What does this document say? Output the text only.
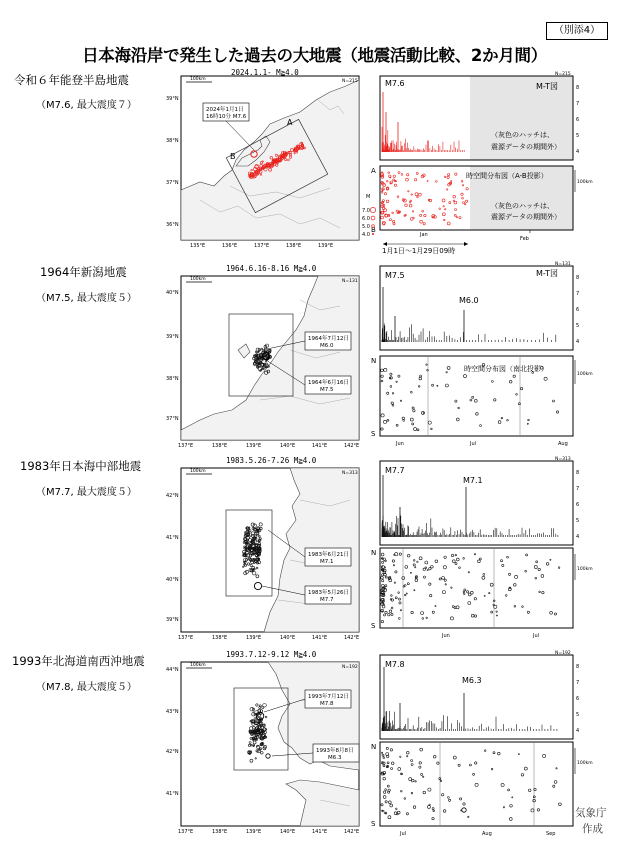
（別添4）
日本海沿岸で発生した過去の大地震（地震活動比較、2か月間）
令和６年能登半島地震
（M7.6, 最大震度７）
1964年新潟地震
（M7.5, 最大震度５）
1983年日本海中部地震
（M7.7, 最大震度５）
1993年北海道南西沖地震
（M7.8, 最大震度５）
気象庁
作成
2024年1月1日
16時10分 M7.6
A
B
2024.1.1- M≧4.0
N=215
100km
39°N
38°N
37°N
36°N
135°E	136°E	137°E	138°E	139°E
M7.6	M-T図
（灰色のハッチは、
震源データの期間外）
N=215
8
7
6
5
4
A
B
時空間分布図（A-B投影）
（灰色のハッチは、
震源データの期間外）
100km
Jan
Feb
M
7.0
6.0
5.0
4.0
1月1日～1月29日09時
1964年7月12日
M6.0
1964年6月16日
M7.5
1964.6.16-8.16 M≧4.0
N=131
100km
40°N
39°N
38°N
37°N
137°E	138°E	139°E	140°E	141°E	142°E
M7.5	M-T図
M6.0
N=131
8
7
6
5
4
N
S
時空間分布図（南北投影）
100km
Jun	Jul	Aug
1983年6月21日
M7.1
1983年5月26日
M7.7
1983.5.26-7.26 M≧4.0
N=313
100km
42°N
41°N
40°N
39°N
137°E	138°E	139°E	140°E	141°E	142°E
M7.7
M7.1
N=313
8
7
6
5
4
N
S
100km
Jun	Jul
1993年7月12日
M7.8
1993年8月8日
M6.3
1993.7.12-9.12 M≧4.0
N=192
100km
44°N
43°N
42°N
41°N
137°E	138°E	139°E	140°E	141°E	142°E
M7.8
M6.3
N=192
8
7
6
5
4
N
S
100km
Jul	Aug	Sep
